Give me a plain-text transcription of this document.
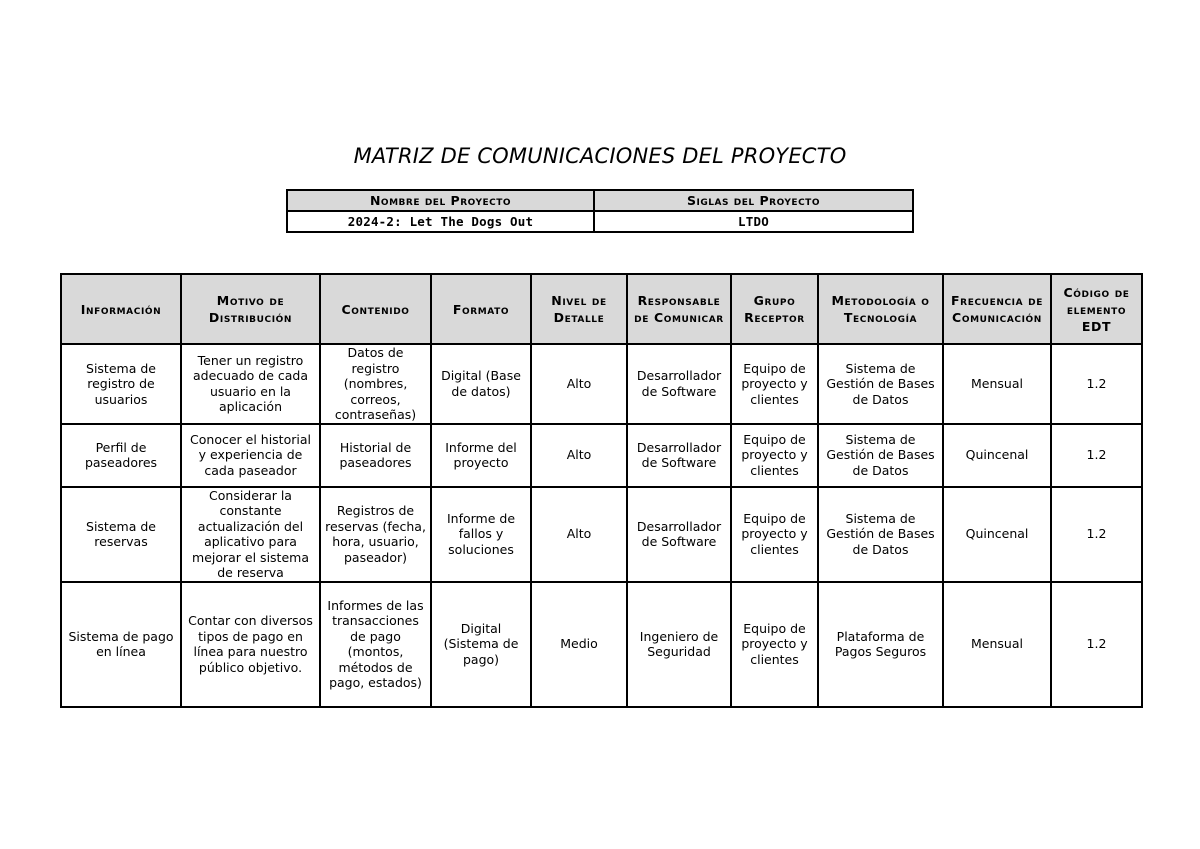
MATRIZ DE COMUNICACIONES DEL PROYECTO
Nombre del Proyecto	Siglas del Proyecto
2024-2: Let The Dogs Out	LTDO
Información	Motivo de Distribución	Contenido	Formato	Nivel de Detalle	Responsable de Comunicar	Grupo Receptor	Metodología o Tecnología	Frecuencia de Comunicación	Código de elemento EDT
Sistema de registro de usuarios	Tener un registro adecuado de cada usuario en la aplicación	Datos de registro (nombres, correos, contraseñas)	Digital (Base de datos)	Alto	Desarrollador de Software	Equipo de proyecto y clientes	Sistema de Gestión de Bases de Datos	Mensual	1.2
Perfil de paseadores	Conocer el historial y experiencia de cada paseador	Historial de paseadores	Informe del proyecto	Alto	Desarrollador de Software	Equipo de proyecto y clientes	Sistema de Gestión de Bases de Datos	Quincenal	1.2
Sistema de reservas	Considerar la constante actualización del aplicativo para mejorar el sistema de reserva	Registros de reservas (fecha, hora, usuario, paseador)	Informe de fallos y soluciones	Alto	Desarrollador de Software	Equipo de proyecto y clientes	Sistema de Gestión de Bases de Datos	Quincenal	1.2
Sistema de pago en línea	Contar con diversos tipos de pago en línea para nuestro público objetivo.	Informes de las transacciones de pago (montos, métodos de pago, estados)	Digital (Sistema de pago)	Medio	Ingeniero de Seguridad	Equipo de proyecto y clientes	Plataforma de Pagos Seguros	Mensual	1.2
